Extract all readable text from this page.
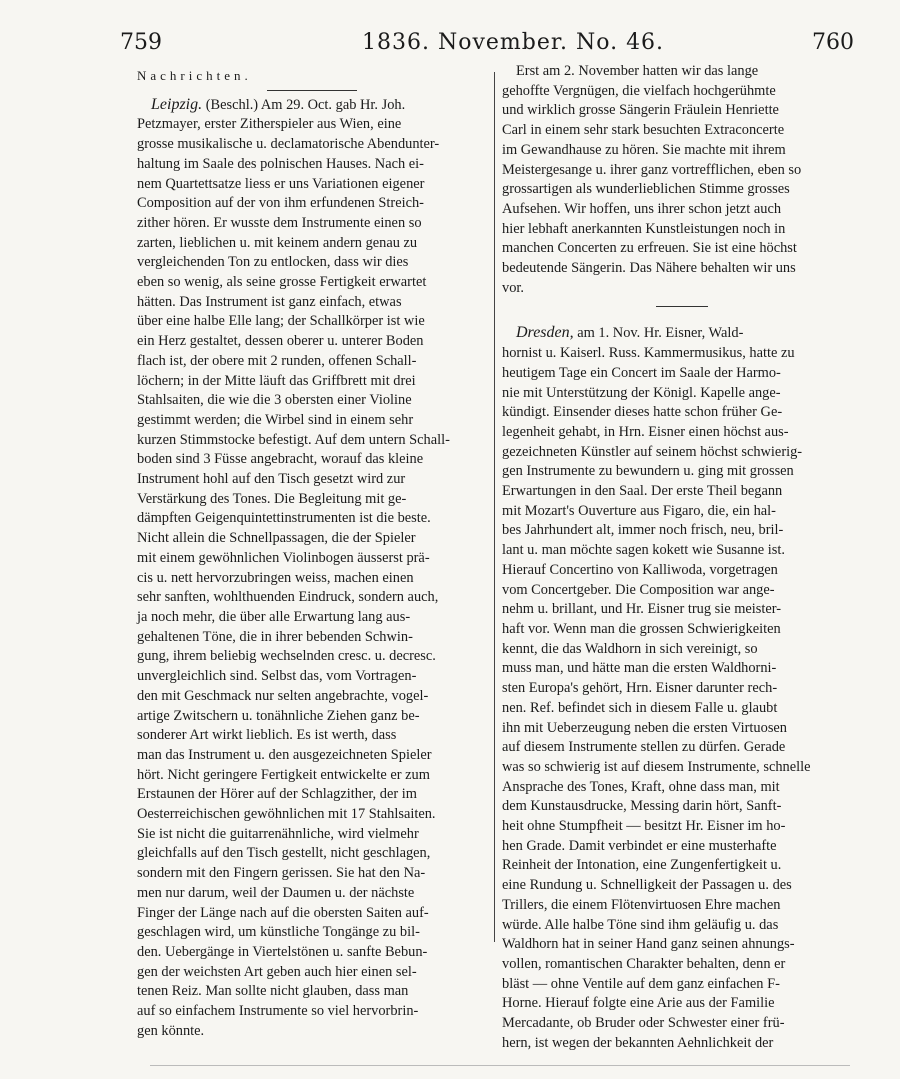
759	1836. November. No. 46.	760

Nachrichten.

Leipzig. (Beschl.) Am 29. Oct. gab Hr. Joh.

Petzmayer, erster Zitherspieler aus Wien, eine

grosse musikalische u. declamatorische Abendunter-

haltung im Saale des polnischen Hauses. Nach ei-

nem Quartettsatze liess er uns Variationen eigener

Composition auf der von ihm erfundenen Streich-

zither hören. Er wusste dem Instrumente einen so

zarten, lieblichen u. mit keinem andern genau zu

vergleichenden Ton zu entlocken, dass wir dies

eben so wenig, als seine grosse Fertigkeit erwartet

hätten. Das Instrument ist ganz einfach, etwas

über eine halbe Elle lang; der Schallkörper ist wie

ein Herz gestaltet, dessen oberer u. unterer Boden

flach ist, der obere mit 2 runden, offenen Schall-

löchern; in der Mitte läuft das Griffbrett mit drei

Stahlsaiten, die wie die 3 obersten einer Violine

gestimmt werden; die Wirbel sind in einem sehr

kurzen Stimmstocke befestigt. Auf dem untern Schall-

boden sind 3 Füsse angebracht, worauf das kleine

Instrument hohl auf den Tisch gesetzt wird zur

Verstärkung des Tones. Die Begleitung mit ge-

dämpften Geigenquintettinstrumenten ist die beste.

Nicht allein die Schnellpassagen, die der Spieler

mit einem gewöhnlichen Violinbogen äusserst prä-

cis u. nett hervorzubringen weiss, machen einen

sehr sanften, wohlthuenden Eindruck, sondern auch,

ja noch mehr, die über alle Erwartung lang aus-

gehaltenen Töne, die in ihrer bebenden Schwin-

gung, ihrem beliebig wechselnden cresc. u. decresc.

unvergleichlich sind. Selbst das, vom Vortragen-

den mit Geschmack nur selten angebrachte, vogel-

artige Zwitschern u. tonähnliche Ziehen ganz be-

sonderer Art wirkt lieblich. Es ist werth, dass

man das Instrument u. den ausgezeichneten Spieler

hört. Nicht geringere Fertigkeit entwickelte er zum

Erstaunen der Hörer auf der Schlagzither, der im

Oesterreichischen gewöhnlichen mit 17 Stahlsaiten.

Sie ist nicht die guitarrenähnliche, wird vielmehr

gleichfalls auf den Tisch gestellt, nicht geschlagen,

sondern mit den Fingern gerissen. Sie hat den Na-

men nur darum, weil der Daumen u. der nächste

Finger der Länge nach auf die obersten Saiten auf-

geschlagen wird, um künstliche Tongänge zu bil-

den. Uebergänge in Viertelstönen u. sanfte Bebun-

gen der weichsten Art geben auch hier einen sel-

tenen Reiz. Man sollte nicht glauben, dass man

auf so einfachem Instrumente so viel hervorbrin-

gen könnte.

Erst am 2. November hatten wir das lange

gehoffte Vergnügen, die vielfach hochgerühmte

und wirklich grosse Sängerin Fräulein Henriette

Carl in einem sehr stark besuchten Extraconcerte

im Gewandhause zu hören. Sie machte mit ihrem

Meistergesange u. ihrer ganz vortrefflichen, eben so

grossartigen als wunderlieblichen Stimme grosses

Aufsehen. Wir hoffen, uns ihrer schon jetzt auch

hier lebhaft anerkannten Kunstleistungen noch in

manchen Concerten zu erfreuen. Sie ist eine höchst

bedeutende Sängerin. Das Nähere behalten wir uns

vor.

Dresden, am 1. Nov. Hr. Eisner, Wald-

hornist u. Kaiserl. Russ. Kammermusikus, hatte zu

heutigem Tage ein Concert im Saale der Harmo-

nie mit Unterstützung der Königl. Kapelle ange-

kündigt. Einsender dieses hatte schon früher Ge-

legenheit gehabt, in Hrn. Eisner einen höchst aus-

gezeichneten Künstler auf seinem höchst schwierig-

gen Instrumente zu bewundern u. ging mit grossen

Erwartungen in den Saal. Der erste Theil begann

mit Mozart's Ouverture aus Figaro, die, ein hal-

bes Jahrhundert alt, immer noch frisch, neu, bril-

lant u. man möchte sagen kokett wie Susanne ist.

Hierauf Concertino von Kalliwoda, vorgetragen

vom Concertgeber. Die Composition war ange-

nehm u. brillant, und Hr. Eisner trug sie meister-

haft vor. Wenn man die grossen Schwierigkeiten

kennt, die das Waldhorn in sich vereinigt, so

muss man, und hätte man die ersten Waldhorni-

sten Europa's gehört, Hrn. Eisner darunter rech-

nen. Ref. befindet sich in diesem Falle u. glaubt

ihn mit Ueberzeugung neben die ersten Virtuosen

auf diesem Instrumente stellen zu dürfen. Gerade

was so schwierig ist auf diesem Instrumente, schnelle

Ansprache des Tones, Kraft, ohne dass man, mit

dem Kunstausdrucke, Messing darin hört, Sanft-

heit ohne Stumpfheit — besitzt Hr. Eisner im ho-

hen Grade. Damit verbindet er eine musterhafte

Reinheit der Intonation, eine Zungenfertigkeit u.

eine Rundung u. Schnelligkeit der Passagen u. des

Trillers, die einem Flötenvirtuosen Ehre machen

würde. Alle halbe Töne sind ihm geläufig u. das

Waldhorn hat in seiner Hand ganz seinen ahnungs-

vollen, romantischen Charakter behalten, denn er

bläst — ohne Ventile auf dem ganz einfachen F-

Horne. Hierauf folgte eine Arie aus der Familie

Mercadante, ob Bruder oder Schwester einer frü-

hern, ist wegen der bekannten Aehnlichkeit der
